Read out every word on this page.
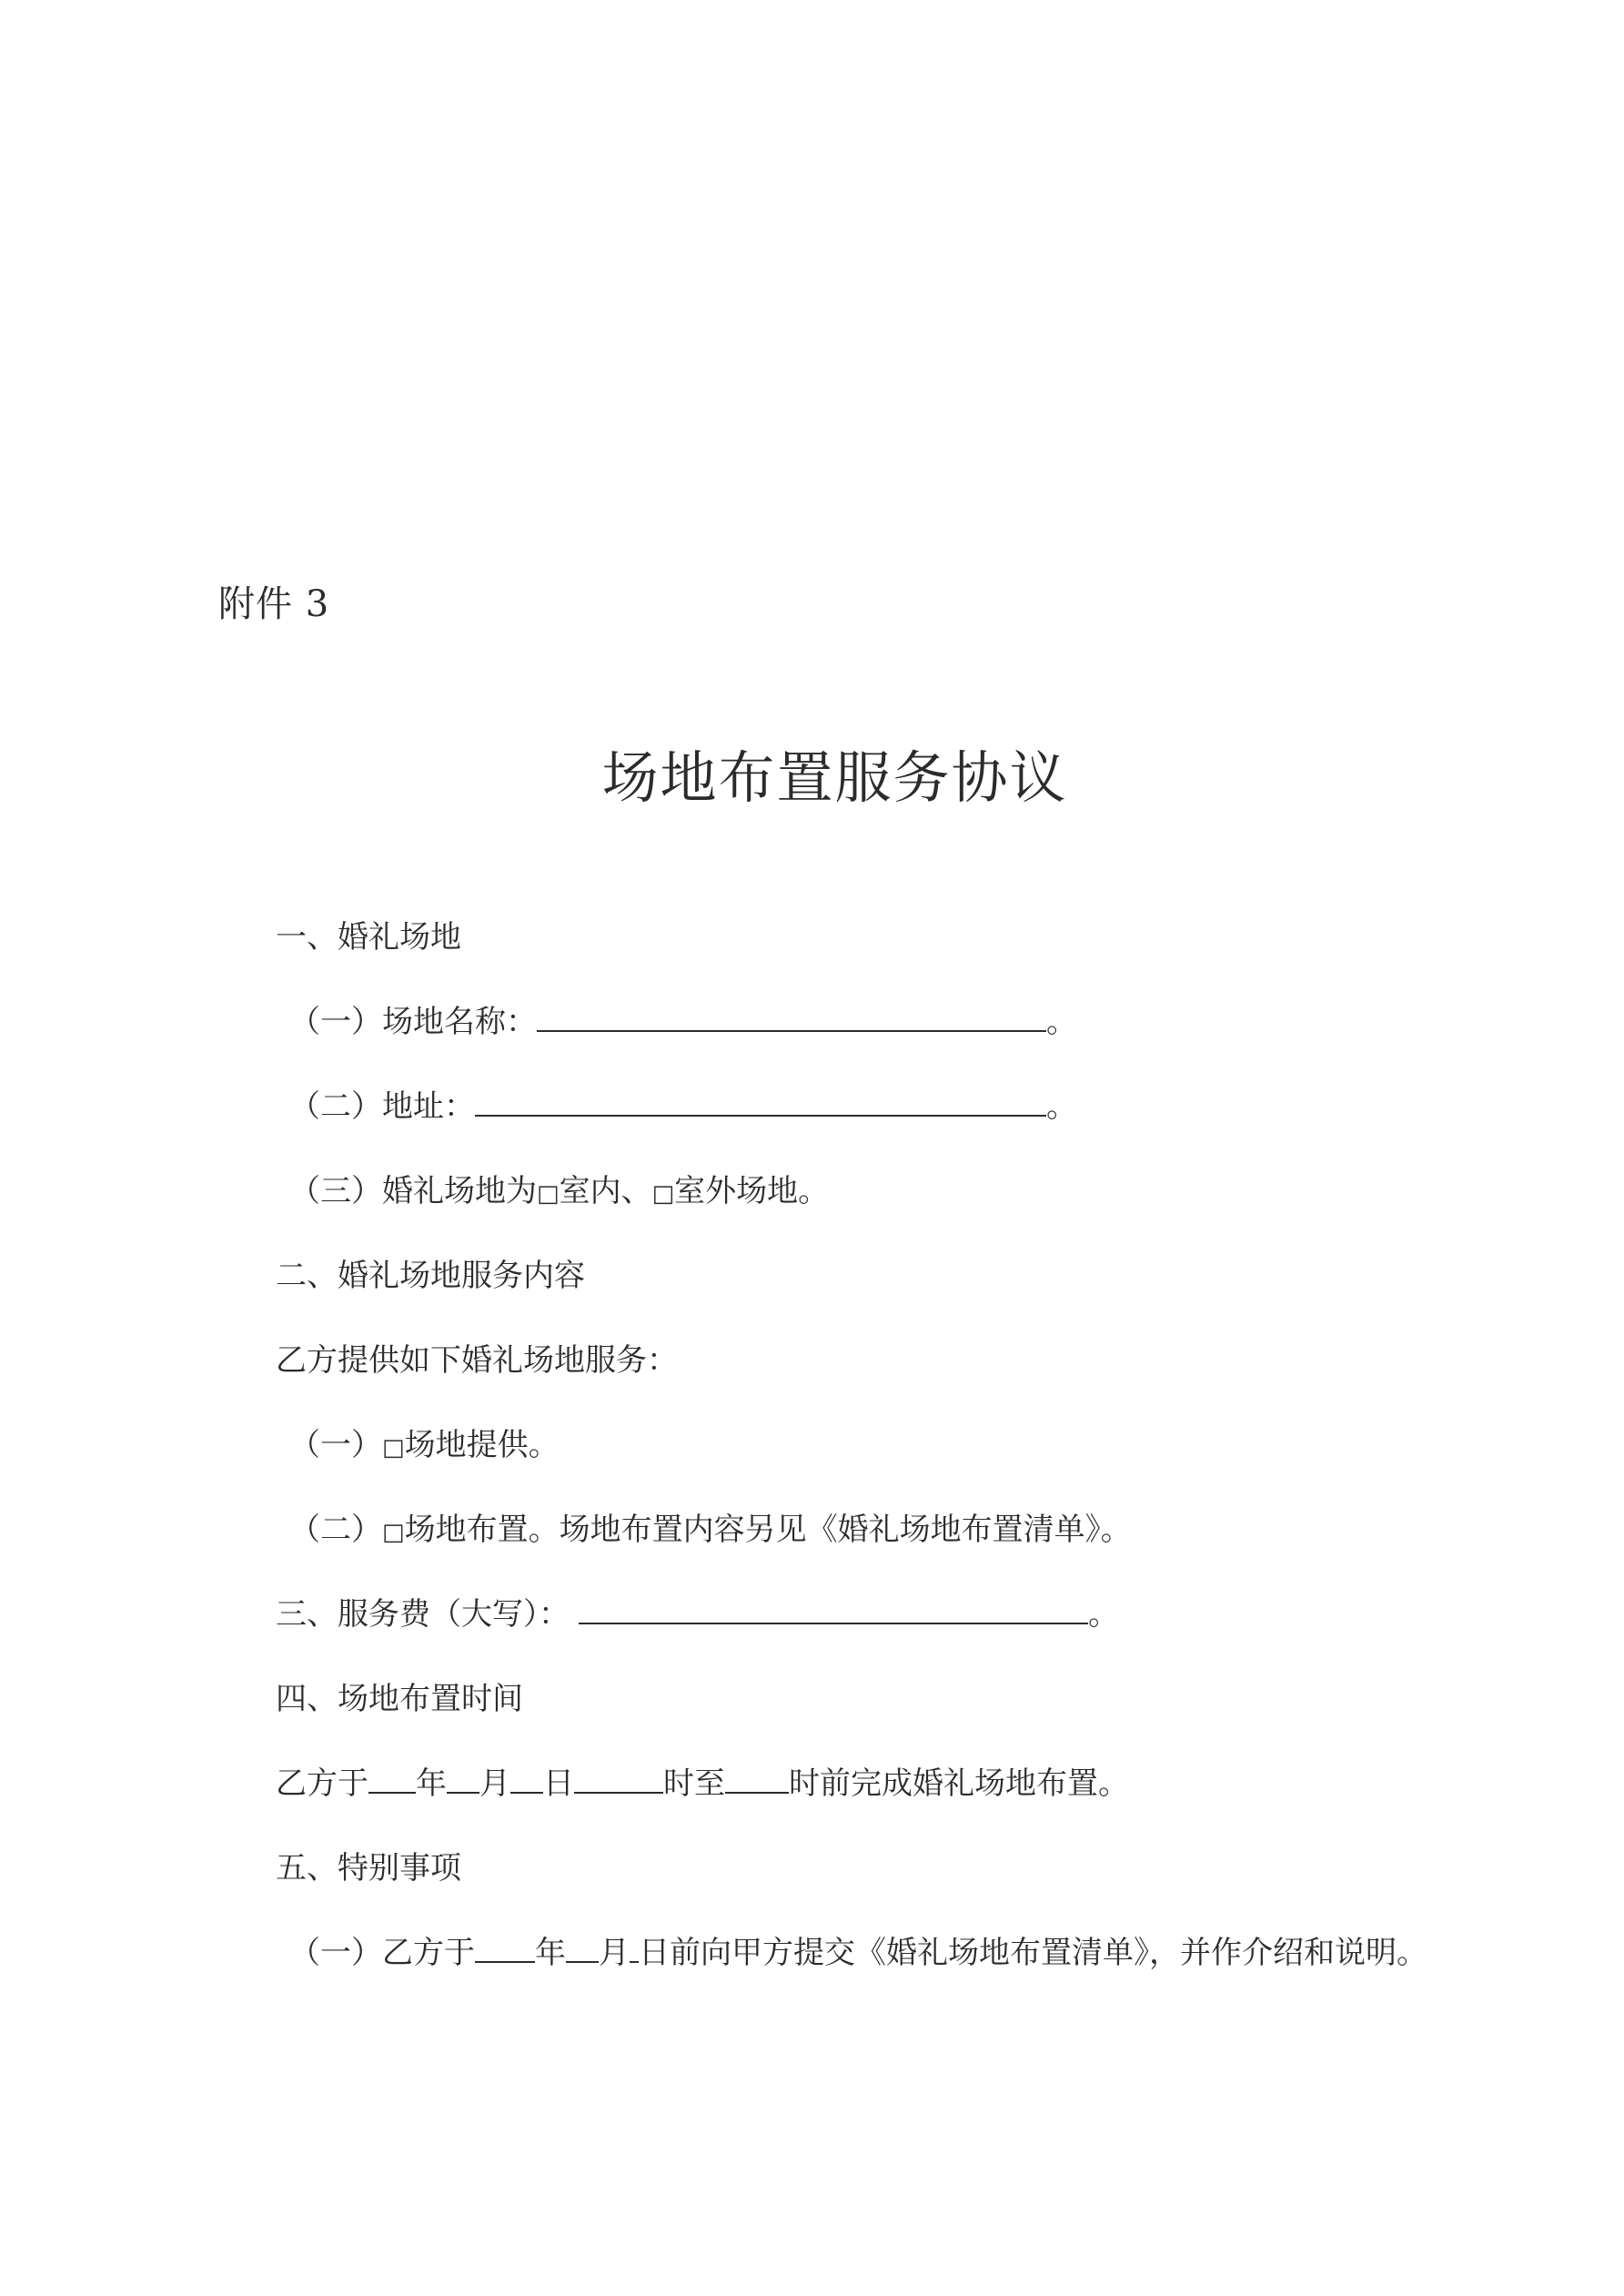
附件 3
场地布置服务协议
一、婚礼场地
（一）场地名称：	。
（二）地址：	。
（三）婚礼场地为□室内、□室外场地。
二、婚礼场地服务内容
乙方提供如下婚礼场地服务：
（一）□场地提供。
（二）□场地布置。场地布置内容另见《婚礼场地布置清单》。
三、服务费（大写）：	。
四、场地布置时间
乙方于 年 月 日	时至 时前完成婚礼场地布置。
五、特别事项
（一）乙方于 年 月 日前向甲方提交《婚礼场地布置清单》，并作介绍和说明。
